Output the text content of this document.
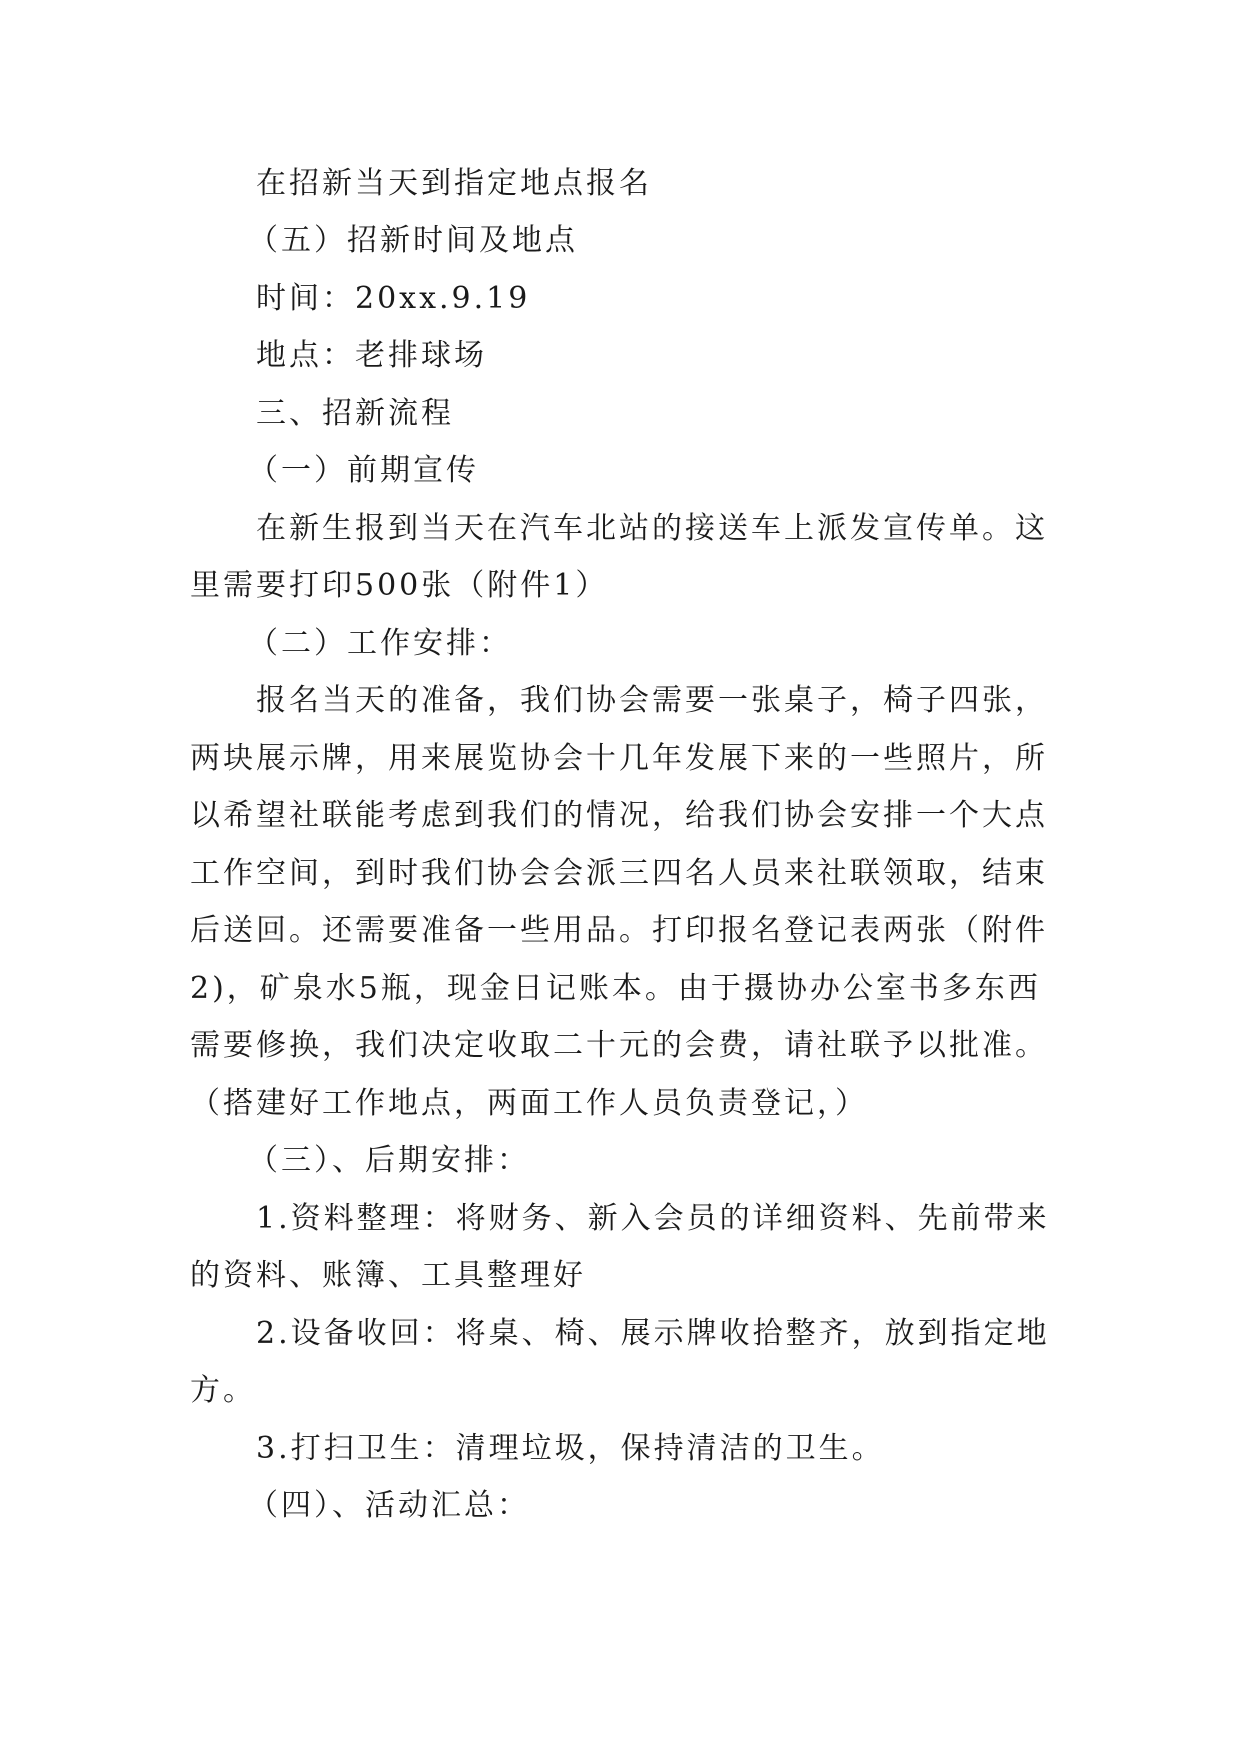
在招新当天到指定地点报名
（五）招新时间及地点
时间：20xx.9.19
地点：老排球场
三、招新流程
（一）前期宣传
在新生报到当天在汽车北站的接送车上派发宣传单。这
里需要打印500张（附件1）
（二）工作安排：
报名当天的准备，我们协会需要一张桌子，椅子四张，
两块展示牌，用来展览协会十几年发展下来的一些照片，所
以希望社联能考虑到我们的情况，给我们协会安排一个大点
工作空间，到时我们协会会派三四名人员来社联领取，结束
后送回。还需要准备一些用品。打印报名登记表两张（附件
2)，矿泉水5瓶，现金日记账本。由于摄协办公室书多东西
需要修换，我们决定收取二十元的会费，请社联予以批准。
（搭建好工作地点，两面工作人员负责登记，）
（三）、后期安排：
1.资料整理：将财务、新入会员的详细资料、先前带来
的资料、账簿、工具整理好
2.设备收回：将桌、椅、展示牌收拾整齐，放到指定地
方。
3.打扫卫生：清理垃圾，保持清洁的卫生。
（四）、活动汇总：
